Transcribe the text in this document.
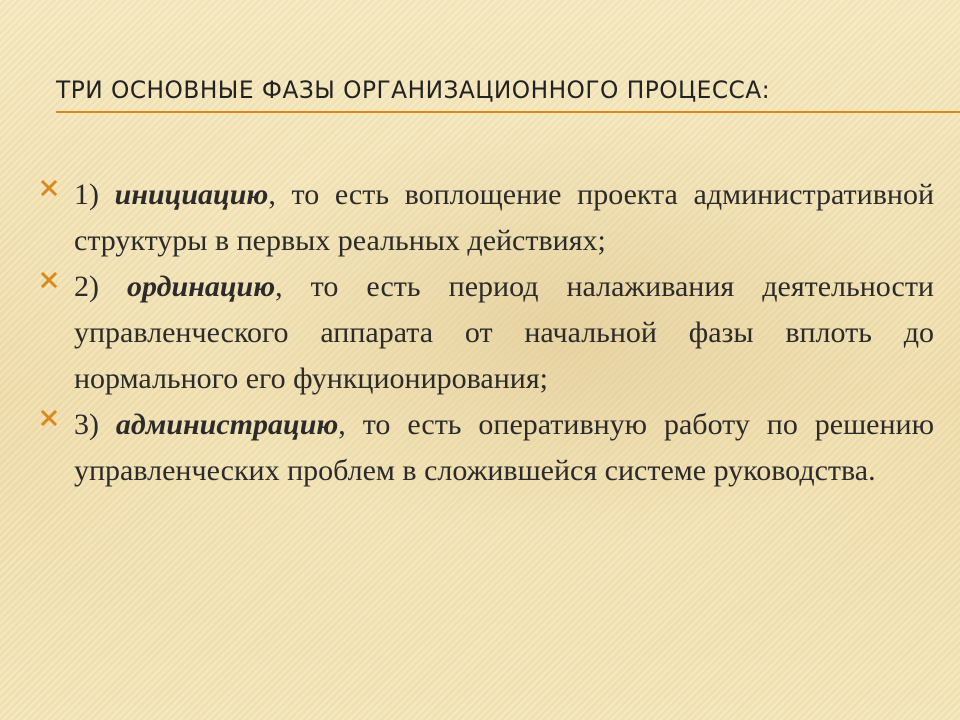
ТРИ ОСНОВНЫЕ ФАЗЫ ОРГАНИЗАЦИОННОГО ПРОЦЕССА:
1) инициацию, то есть воплощение проекта административной структуры в первых реальных действиях;
2) ординацию, то есть период налаживания деятельности управленческого аппарата от начальной фазы вплоть до нормального его функционирования;
3) администрацию, то есть оперативную работу по решению управленческих проблем в сложившейся системе руководства.
